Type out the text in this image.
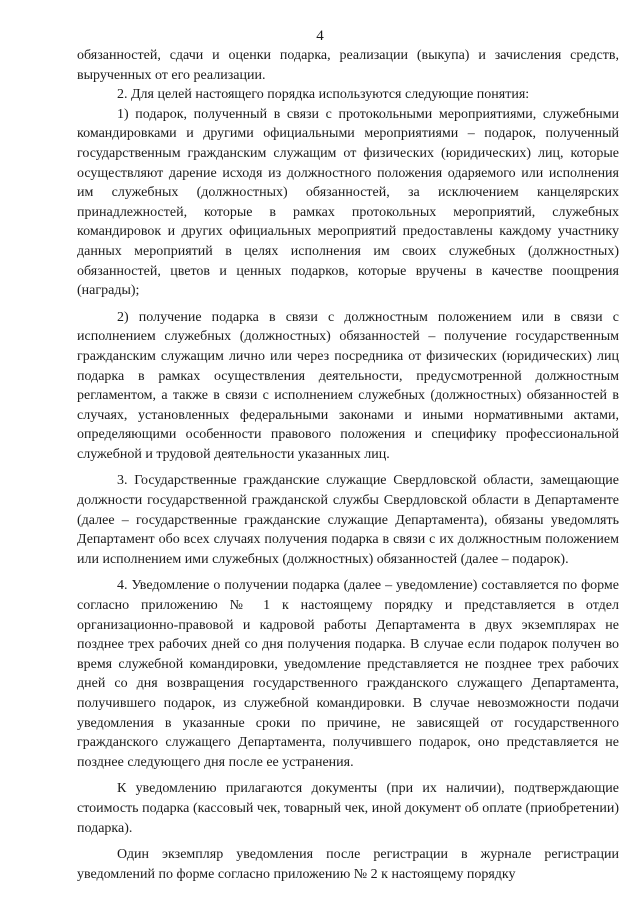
4

обязанностей, сдачи и оценки подарка, реализации (выкупа) и зачисления средств, вырученных от его реализации.

2. Для целей настоящего порядка используются следующие понятия:

1) подарок, полученный в связи с протокольными мероприятиями, служебными командировками и другими официальными мероприятиями – подарок, полученный государственным гражданским служащим от физических (юридических) лиц, которые осуществляют дарение исходя из должностного положения одаряемого или исполнения им служебных (должностных) обязанностей, за исключением канцелярских принадлежностей, которые в рамках протокольных мероприятий, служебных командировок и других официальных мероприятий предоставлены каждому участнику данных мероприятий в целях исполнения им своих служебных (должностных) обязанностей, цветов и ценных подарков, которые вручены в качестве поощрения (награды);

2) получение подарка в связи с должностным положением или в связи с исполнением служебных (должностных) обязанностей – получение государственным гражданским служащим лично или через посредника от физических (юридических) лиц подарка в рамках осуществления деятельности, предусмотренной должностным регламентом, а также в связи с исполнением служебных (должностных) обязанностей в случаях, установленных федеральными законами и иными нормативными актами, определяющими особенности правового положения и специфику профессиональной служебной и трудовой деятельности указанных лиц.

3. Государственные гражданские служащие Свердловской области, замещающие должности государственной гражданской службы Свердловской области в Департаменте (далее – государственные гражданские служащие Департамента), обязаны уведомлять Департамент обо всех случаях получения подарка в связи с их должностным положением или исполнением ими служебных (должностных) обязанностей (далее – подарок).

4. Уведомление о получении подарка (далее – уведомление) составляется по форме согласно приложению № 1 к настоящему порядку и представляется в отдел организационно-правовой и кадровой работы Департамента в двух экземплярах не позднее трех рабочих дней со дня получения подарка. В случае если подарок получен во время служебной командировки, уведомление представляется не позднее трех рабочих дней со дня возвращения государственного гражданского служащего Департамента, получившего подарок, из служебной командировки. В случае невозможности подачи уведомления в указанные сроки по причине, не зависящей от государственного гражданского служащего Департамента, получившего подарок, оно представляется не позднее следующего дня после ее устранения.

К уведомлению прилагаются документы (при их наличии), подтверждающие стоимость подарка (кассовый чек, товарный чек, иной документ об оплате (приобретении) подарка).

Один экземпляр уведомления после регистрации в журнале регистрации уведомлений по форме согласно приложению № 2 к настоящему порядку
